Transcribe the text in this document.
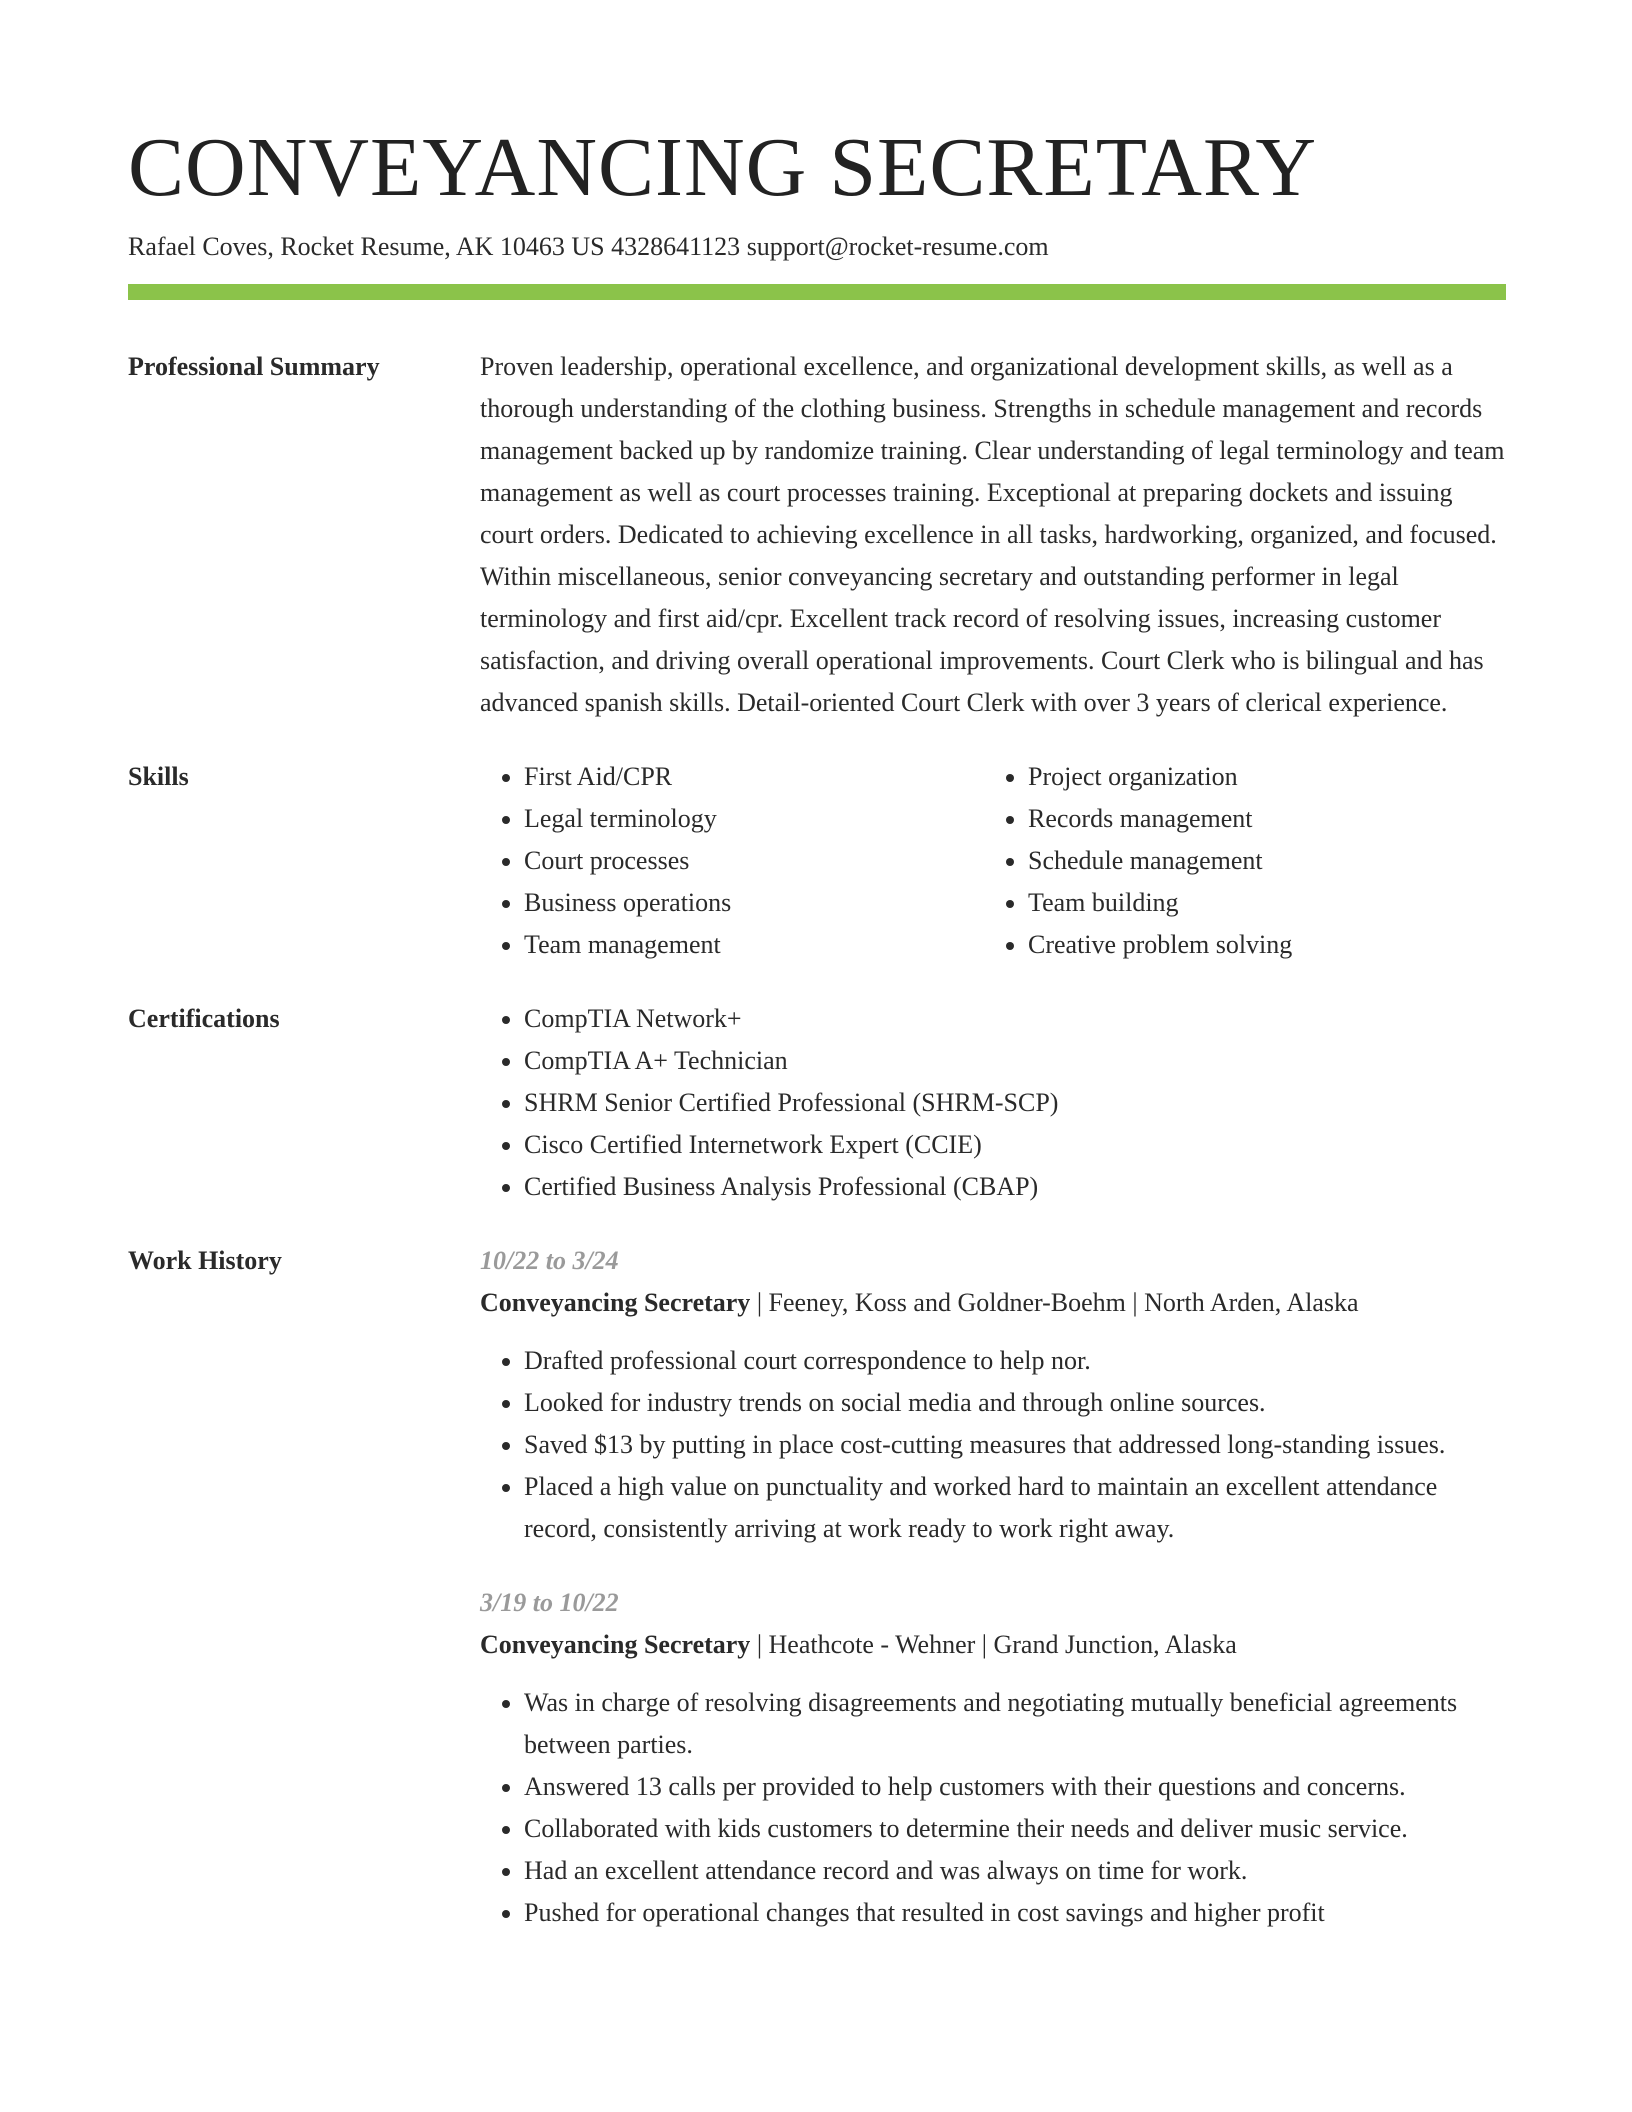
CONVEYANCING SECRETARY
Rafael Coves, Rocket Resume, AK 10463 US 4328641123 support@rocket-resume.com
Professional Summary	Proven leadership, operational excellence, and organizational development skills, as well as a thorough understanding of the clothing business. Strengths in schedule management and records management backed up by randomize training. Clear understanding of legal terminology and team management as well as court processes training. Exceptional at preparing dockets and issuing court orders. Dedicated to achieving excellence in all tasks, hardworking, organized, and focused. Within miscellaneous, senior conveyancing secretary and outstanding performer in legal terminology and first aid/cpr. Excellent track record of resolving issues, increasing customer satisfaction, and driving overall operational improvements. Court Clerk who is bilingual and has advanced spanish skills. Detail-oriented Court Clerk with over 3 years of clerical experience.

Skills	• First Aid/CPR
• Legal terminology
• Court processes
• Business operations
• Team management
• Project organization
• Records management
• Schedule management
• Team building
• Creative problem solving
Certifications	• CompTIA Network+
• CompTIA A+ Technician
• SHRM Senior Certified Professional (SHRM-SCP)
• Cisco Certified Internetwork Expert (CCIE)
• Certified Business Analysis Professional (CBAP)
Work History	10/22 to 3/24
Conveyancing Secretary | Feeney, Koss and Goldner-Boehm | North Arden, Alaska
• Drafted professional court correspondence to help nor.
• Looked for industry trends on social media and through online sources.
• Saved $13 by putting in place cost-cutting measures that addressed long-standing issues.
• Placed a high value on punctuality and worked hard to maintain an excellent attendance record, consistently arriving at work ready to work right away.
3/19 to 10/22
Conveyancing Secretary | Heathcote - Wehner | Grand Junction, Alaska
• Was in charge of resolving disagreements and negotiating mutually beneficial agreements between parties.
• Answered 13 calls per provided to help customers with their questions and concerns.
• Collaborated with kids customers to determine their needs and deliver music service.
• Had an excellent attendance record and was always on time for work.
• Pushed for operational changes that resulted in cost savings and higher profit
